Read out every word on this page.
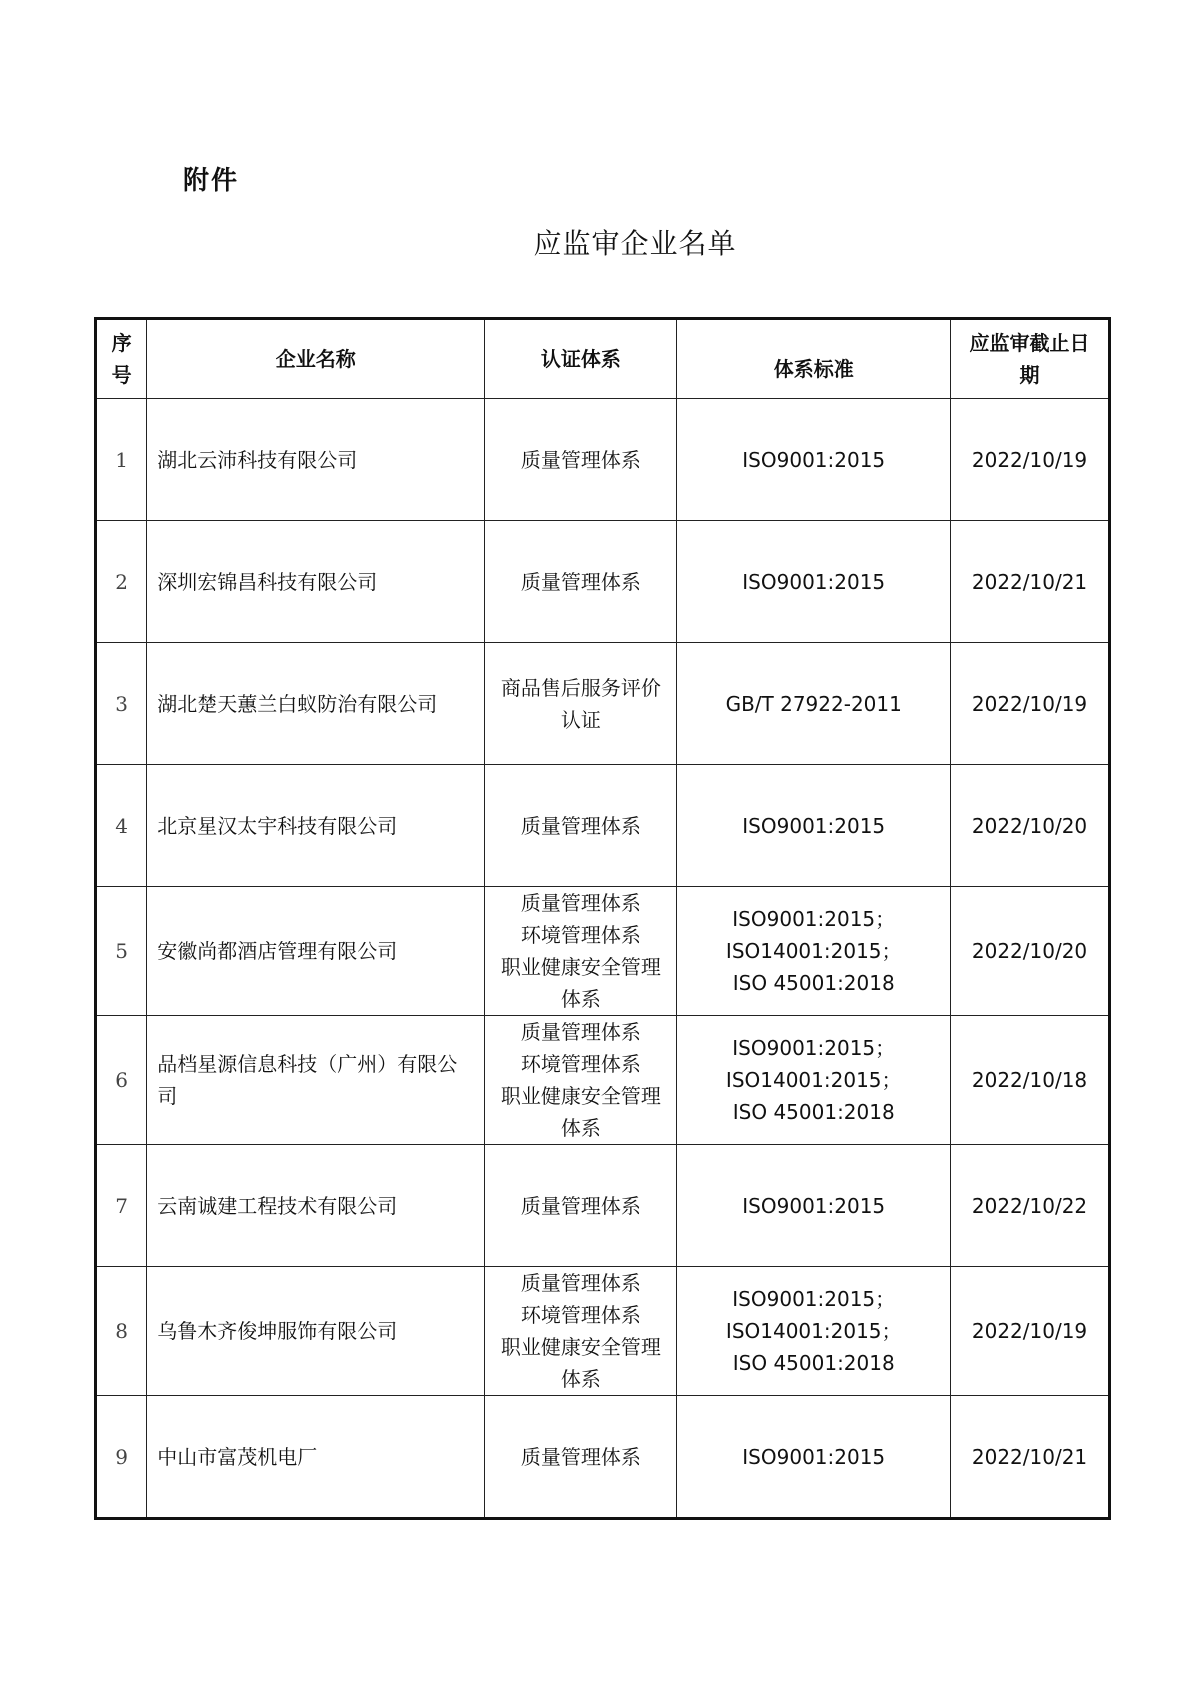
附件
应监审企业名单
序号	企业名称	认证体系	体系标准	应监审截止日期

1	湖北云沛科技有限公司	质量管理体系	ISO9001:2015	2022/10/19
2	深圳宏锦昌科技有限公司	质量管理体系	ISO9001:2015	2022/10/21
3	湖北楚天蕙兰白蚁防治有限公司	商品售后服务评价认证	GB/T 27922-2011	2022/10/19
4	北京星汉太宇科技有限公司	质量管理体系	ISO9001:2015	2022/10/20
5	安徽尚都酒店管理有限公司	质量管理体系
环境管理体系
职业健康安全管理体系	ISO9001:2015；
ISO14001:2015；
ISO 45001:2018	2022/10/20
6	品档星源信息科技（广州）有限公司	质量管理体系
环境管理体系
职业健康安全管理体系	ISO9001:2015；
ISO14001:2015；
ISO 45001:2018	2022/10/18
7	云南诚建工程技术有限公司	质量管理体系	ISO9001:2015	2022/10/22
8	乌鲁木齐俊坤服饰有限公司	质量管理体系
环境管理体系
职业健康安全管理体系	ISO9001:2015；
ISO14001:2015；
ISO 45001:2018	2022/10/19
9	中山市富茂机电厂	质量管理体系	ISO9001:2015	2022/10/21
